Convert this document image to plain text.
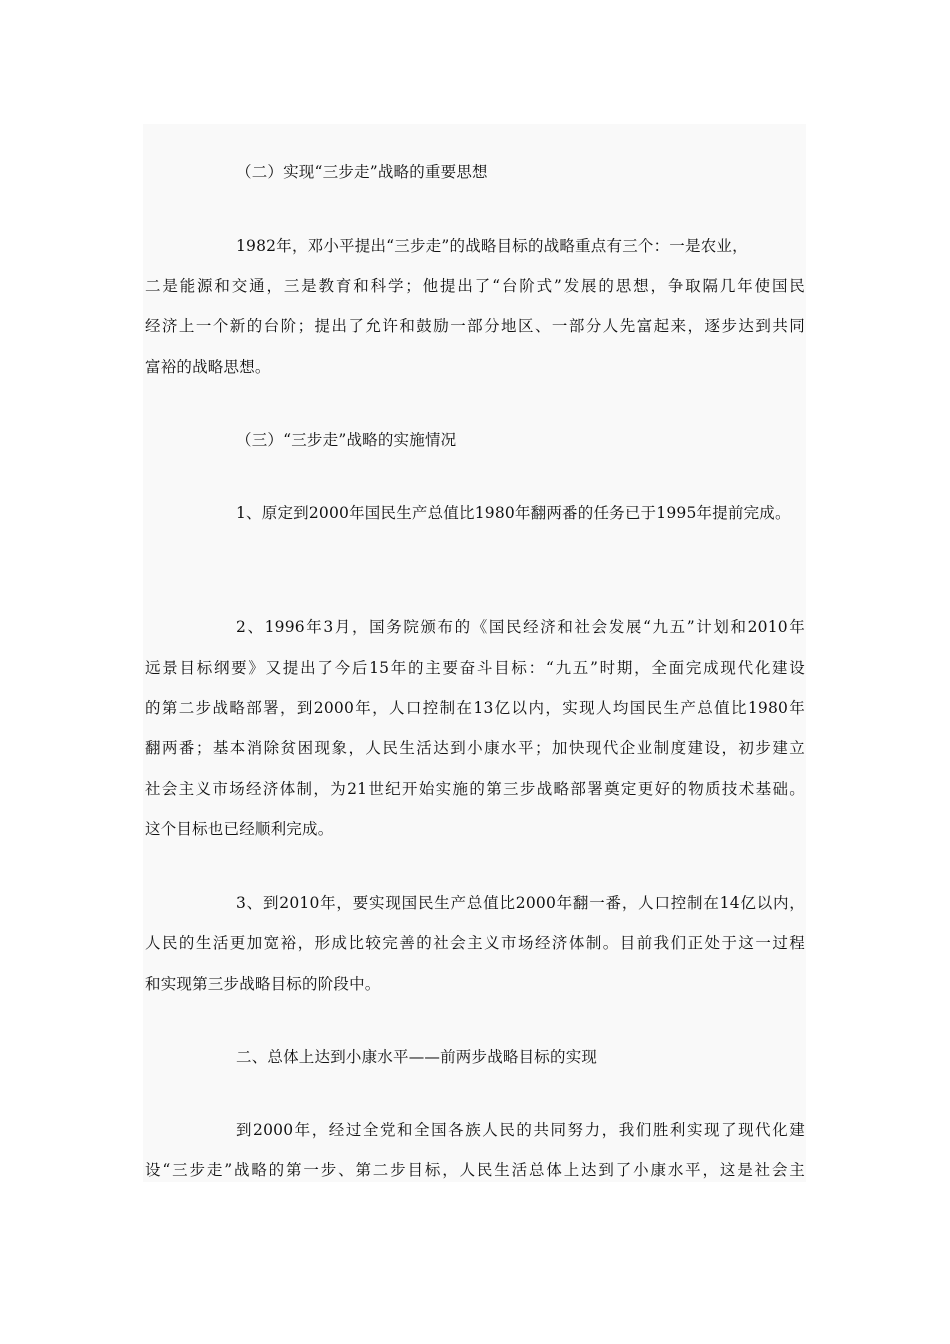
（二）实现“三步走”战略的重要思想
1982年，邓小平提出“三步走”的战略目标的战略重点有三个：一是农业，
二是能源和交通，三是教育和科学；他提出了“台阶式”发展的思想，争取隔几年使国民
经济上一个新的台阶；提出了允许和鼓励一部分地区、一部分人先富起来，逐步达到共同
富裕的战略思想。
（三）“三步走”战略的实施情况
1、原定到2000年国民生产总值比1980年翻两番的任务已于1995年提前完成。
2、1996年3月，国务院颁布的《国民经济和社会发展“九五”计划和2010年
远景目标纲要》又提出了今后15年的主要奋斗目标：“九五”时期，全面完成现代化建设
的第二步战略部署，到2000年，人口控制在13亿以内，实现人均国民生产总值比1980年
翻两番；基本消除贫困现象，人民生活达到小康水平；加快现代企业制度建设，初步建立
社会主义市场经济体制，为21世纪开始实施的第三步战略部署奠定更好的物质技术基础。
这个目标也已经顺利完成。
3、到2010年，要实现国民生产总值比2000年翻一番，人口控制在14亿以内，
人民的生活更加宽裕，形成比较完善的社会主义市场经济体制。目前我们正处于这一过程
和实现第三步战略目标的阶段中。
二、总体上达到小康水平——前两步战略目标的实现
到2000年，经过全党和全国各族人民的共同努力，我们胜利实现了现代化建
设“三步走”战略的第一步、第二步目标，人民生活总体上达到了小康水平，这是社会主
